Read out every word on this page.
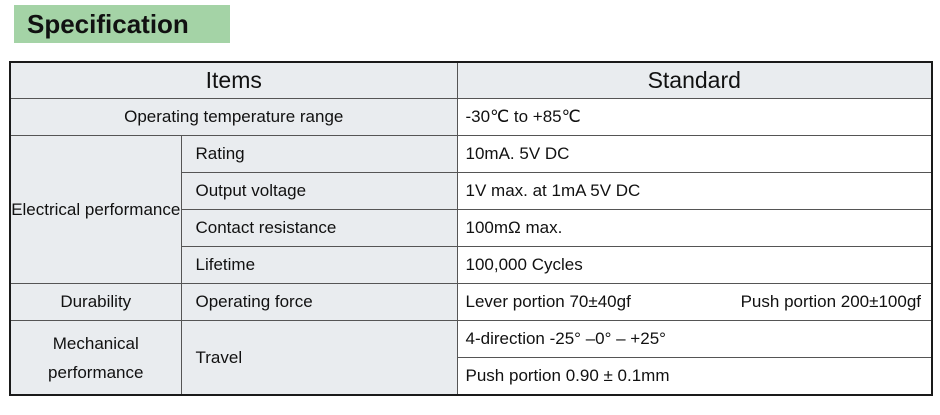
Specification
Items		Standard
Operating temperature range		-30℃ to +85℃
Electrical performance	Rating	10mA. 5V DC
	Output voltage	1V max. at 1mA 5V DC
	Contact resistance	100mΩ max.
	Lifetime	100,000 Cycles
Durability	Operating force	Lever portion 70±40gf Push portion 200±100gf

Mechanical performance	Travel	4-direction -25° –0° – +25°
		Push portion 0.90 ± 0.1mm
